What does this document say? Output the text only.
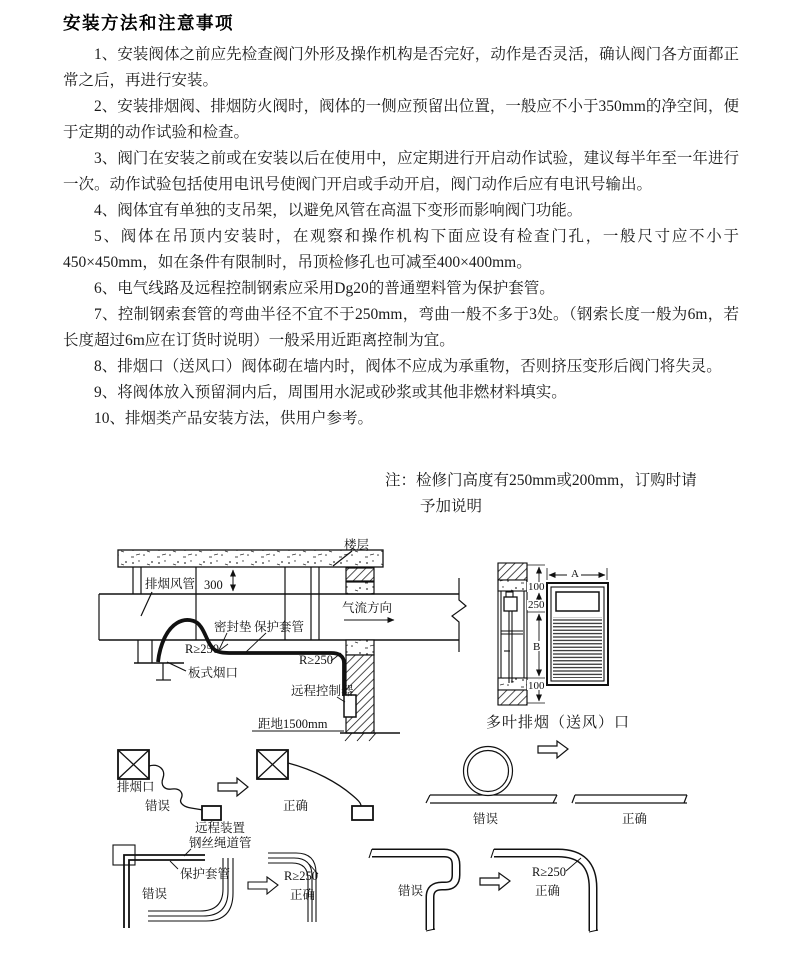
安装方法和注意事项

1、安装阀体之前应先检查阀门外形及操作机构是否完好，动作是否灵活，确认阀门各方面都正常之后，再进行安装。

2、安装排烟阀、排烟防火阀时，阀体的一侧应预留出位置，一般应不小于350mm的净空间，便于定期的动作试验和检查。

3、阀门在安装之前或在安装以后在使用中，应定期进行开启动作试验，建议每半年至一年进行一次。动作试验包括使用电讯号使阀门开启或手动开启，阀门动作后应有电讯号输出。

4、阀体宜有单独的支吊架，以避免风管在高温下变形而影响阀门功能。

5、阀体在吊顶内安装时，在观察和操作机构下面应设有检查门孔，一般尺寸应不小于450×450mm，如在条件有限制时，吊顶检修孔也可减至400×400mm。

6、电气线路及远程控制钢索应采用Dg20的普通塑料管为保护套管。

7、控制钢索套管的弯曲半径不宜不于250mm，弯曲一般不多于3处。（钢索长度一般为6m，若长度超过6m应在订货时说明）一般采用近距离控制为宜。

8、排烟口（送风口）阀体砌在墙内时，阀体不应成为承重物，否则挤压变形后阀门将失灵。

9、将阀体放入预留洞内后，周围用水泥或砂浆或其他非燃材料填实。

10、排烟类产品安装方法，供用户参考。

注：检修门高度有250mm或200mm，订购时请
予加说明
楼层
300
排烟风管
气流方向
板式烟口
R≥250
密封垫 保护套管
R≥250
远程控制器
距地1500mm
100
250
B
100
A
多叶排烟（送风）口
排烟口
错误	正确
远程装置
错误	正确
钢丝绳道管
保护套管
错误
R≥250
正确	错误
R≥250
正确
